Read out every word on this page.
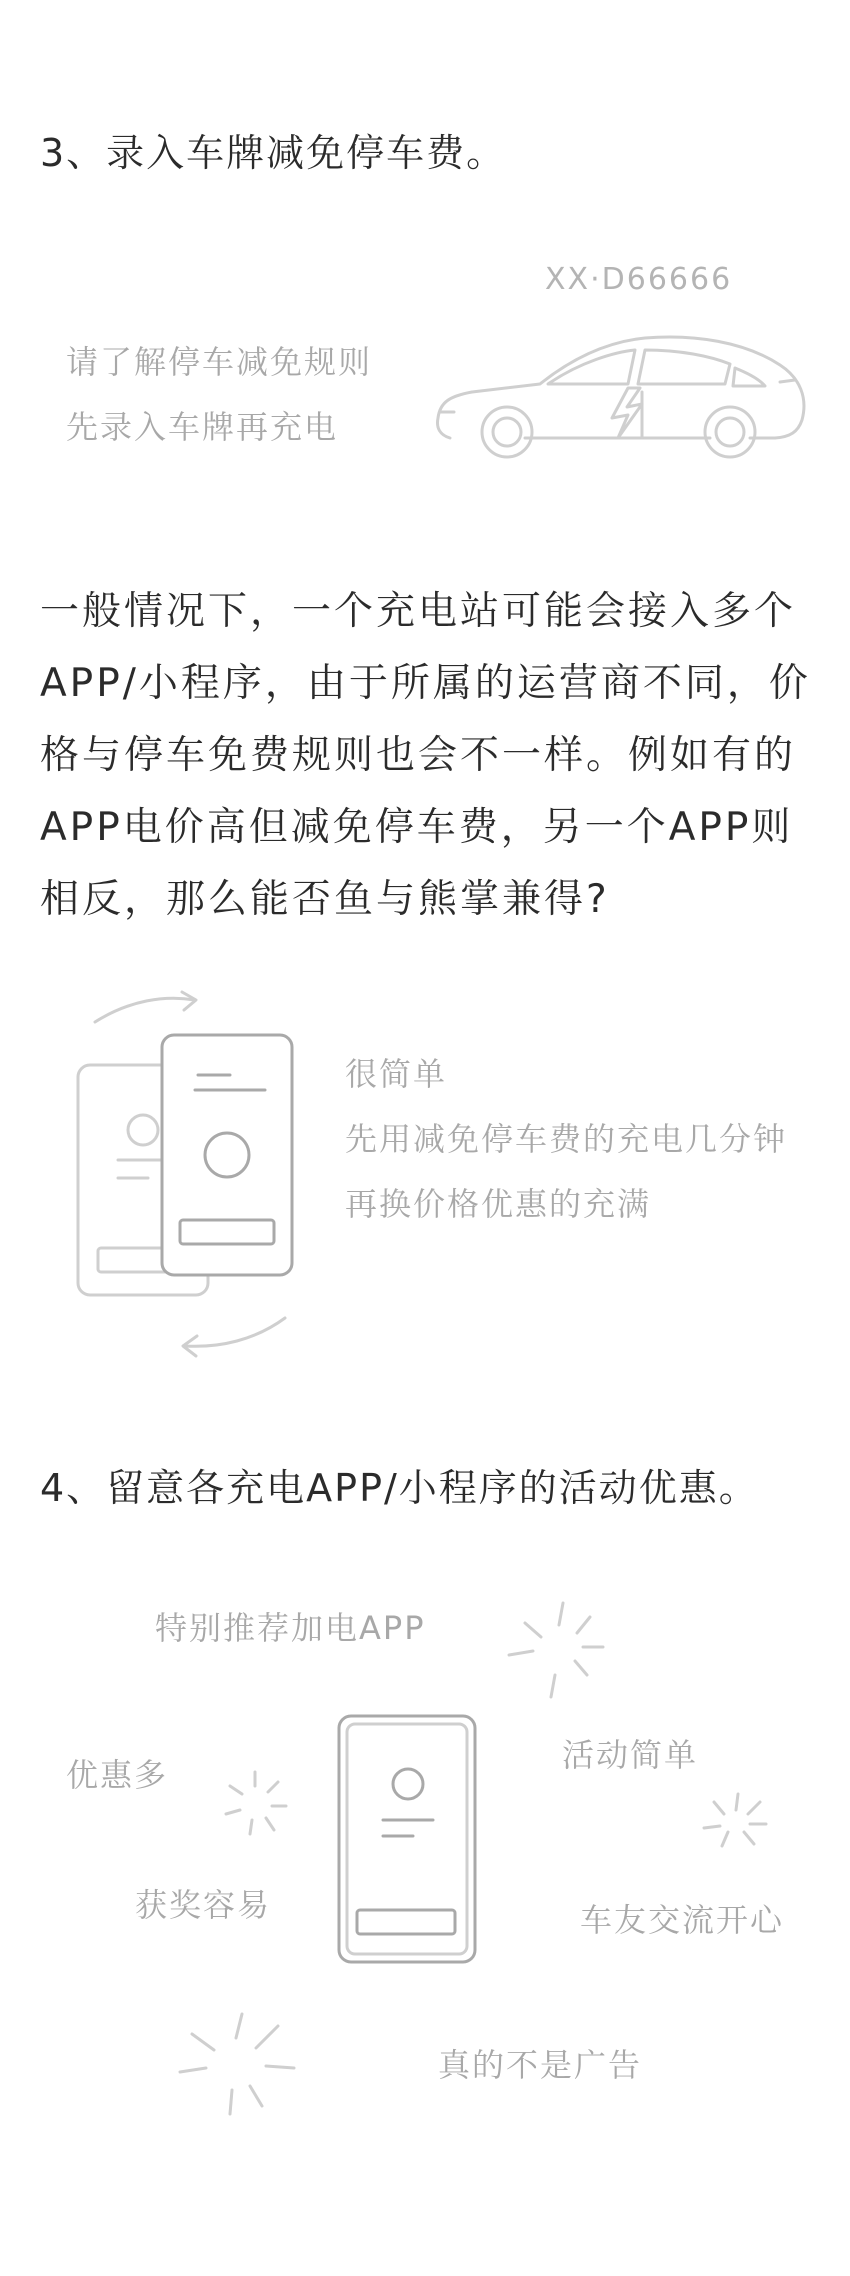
3、录入车牌减免停车费。
XX·D66666
请了解停车减免规则
先录入车牌再充电
一般情况下，一个充电站可能会接入多个
APP/小程序，由于所属的运营商不同，价
格与停车免费规则也会不一样。例如有的
APP电价高但减免停车费，另一个APP则
相反，那么能否鱼与熊掌兼得?
很简单
先用减免停车费的充电几分钟
再换价格优惠的充满
4、留意各充电APP/小程序的活动优惠。
特别推荐加电APP
优惠多
活动简单
获奖容易	车友交流开心
真的不是广告
